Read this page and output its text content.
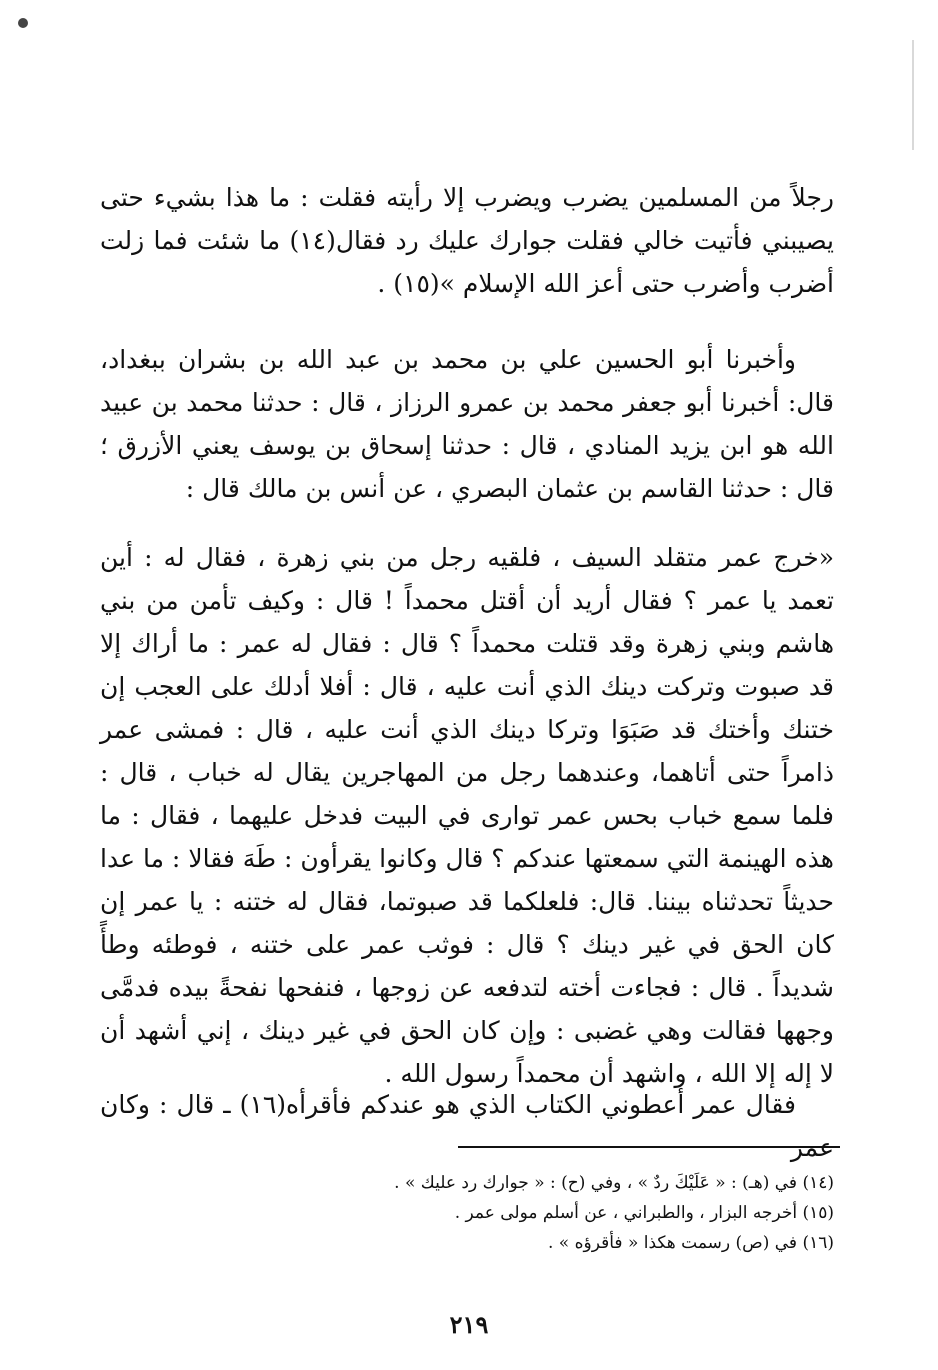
رجلاً من المسلمين يضرب ويضرب إلا رأيته فقلت : ما هذا بشيء حتى يصيبني فأتيت خالي فقلت جوارك عليك رد فقال(١٤) ما شئت فما زلت أضرب وأضرب حتى أعز الله الإسلام »(١٥) .

وأخبرنا أبو الحسين علي بن محمد بن عبد الله بن بشران ببغداد، قال: أخبرنا أبو جعفر محمد بن عمرو الرزاز ، قال : حدثنا محمد بن عبيد الله هو ابن يزيد المنادي ، قال : حدثنا إسحاق بن يوسف يعني الأزرق ؛ قال : حدثنا القاسم بن عثمان البصري ، عن أنس بن مالك قال :

«خرج عمر متقلد السيف ، فلقيه رجل من بني زهرة ، فقال له : أين تعمد يا عمر ؟ فقال أريد أن أقتل محمداً ! قال : وكيف تأمن من بني هاشم وبني زهرة وقد قتلت محمداً ؟ قال : فقال له عمر : ما أراك إلا قد صبوت وتركت دينك الذي أنت عليه ، قال : أفلا أدلك على العجب إن ختنك وأختك قد صَبَوَا وتركا دينك الذي أنت عليه ، قال : فمشى عمر ذامراً حتى أتاهما، وعندهما رجل من المهاجرين يقال له خباب ، قال : فلما سمع خباب بحس عمر توارى في البيت فدخل عليهما ، فقال : ما هذه الهينمة التي سمعتها عندكم ؟ قال وكانوا يقرأون : طَهَ فقالا : ما عدا حديثاً تحدثناه بيننا. قال: فلعلكما قد صبوتما، فقال له ختنه : يا عمر إن كان الحق في غير دينك ؟ قال : فوثب عمر على ختنه ، فوطئه وطأً شديداً . قال : فجاءت أخته لتدفعه عن زوجها ، فنفحها نفحةً بيده فدمَّى وجهها فقالت وهي غضبى : وإن كان الحق في غير دينك ، إني أشهد أن لا إله إلا الله ، واشهد أن محمداً رسول الله .

فقال عمر أعطوني الكتاب الذي هو عندكم فأقرأه(١٦) ـ قال : وكان عمر

(١٤) في (هـ) : « عَلَيْكَ ردٌ » ، وفي (ح) : « جوارك رد عليك » .
(١٥) أخرجه البزار ، والطبراني ، عن أسلم مولى عمر .
(١٦) في (ص) رسمت هكذا « فأقرؤه » .
٢١٩
